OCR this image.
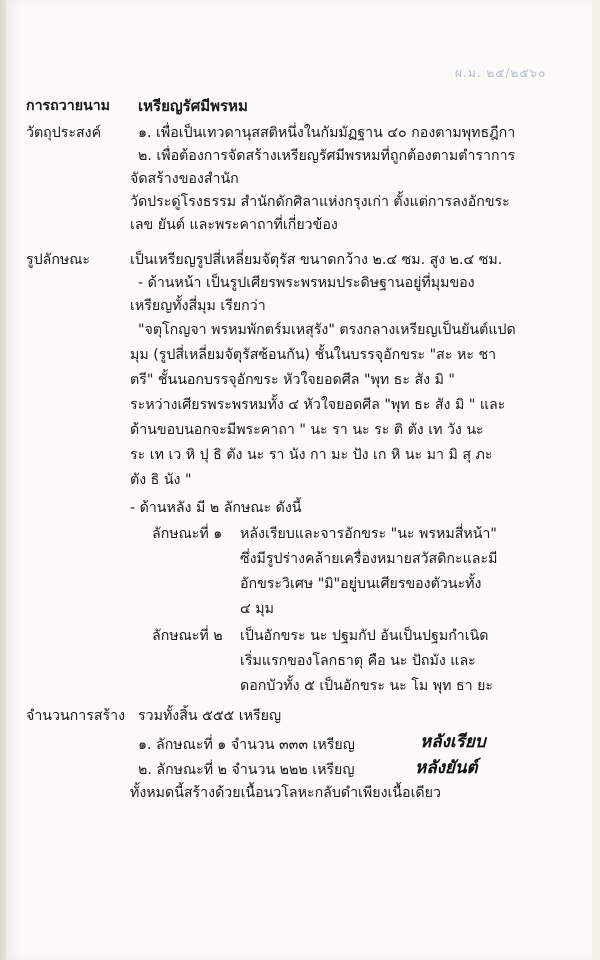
ผ.ม. ๒๕/๒๕๖๐
การถวายนาม
วัตถุประสงค์
รูปลักษณะ
จำนวนการสร้าง
เหรียญรัศมีพรหม
๑. เพื่อเป็นเทวดานุสสติหนึ่งในกัมมัฏฐาน ๔๐ กองตามพุทธฎีกา
๒. เพื่อต้องการจัดสร้างเหรียญรัศมีพรหมที่ถูกต้องตามตำราการ
จัดสร้างของสำนัก
วัดประดู่โรงธรรม สำนักดักศิลาแห่งกรุงเก่า ตั้งแต่การลงอักขระ
เลข ยันต์ และพระคาถาที่เกี่ยวข้อง
เป็นเหรียญรูปสี่เหลี่ยมจัตุรัส ขนาดกว้าง ๒.๔ ซม. สูง ๒.๔ ซม.
- ด้านหน้า เป็นรูปเศียรพระพรหมประดิษฐานอยู่ที่มุมของ
เหรียญทั้งสี่มุม เรียกว่า
"จตุโกญจา พรหมพักตร์มเหสุรัง" ตรงกลางเหรียญเป็นยันต์แปด
มุม (รูปสี่เหลี่ยมจัตุรัสซ้อนกัน) ชั้นในบรรจุอักขระ "สะ หะ ชา
ตรี" ชั้นนอกบรรจุอักขระ หัวใจยอดศีล "พุท ธะ สัง มิ "
ระหว่างเศียรพระพรหมทั้ง ๔ หัวใจยอดศีล "พุท ธะ สัง มิ " และ
ด้านขอบนอกจะมีพระคาถา " นะ รา นะ ระ ติ ตัง เท วัง นะ
ระ เท เว หิ ปุ ธิ ตัง นะ รา นัง กา มะ ปัง เก หิ นะ มา มิ สุ ภะ
ตัง ธิ นัง "
- ด้านหลัง มี ๒ ลักษณะ ดังนี้
ลักษณะที่ ๑ หลังเรียบและจารอักขระ "นะ พรหมสี่หน้า"
ซึ่งมีรูปร่างคล้ายเครื่องหมายสวัสดิกะและมี
อักขระวิเศษ "มิ"อยู่บนเศียรของตัวนะทั้ง
๔ มุม
ลักษณะที่ ๒ เป็นอักขระ นะ ปฐมกัป อันเป็นปฐมกำเนิด
เริ่มแรกของโลกธาตุ คือ นะ ปัถมัง และ
ดอกบัวทั้ง ๕ เป็นอักขระ นะ โม พุท ธา ยะ
รวมทั้งสิ้น ๕๕๕ เหรียญ
๑. ลักษณะที่ ๑ จำนวน ๓๓๓ เหรียญ	หลังเรียบ
๒. ลักษณะที่ ๒ จำนวน ๒๒๒ เหรียญ	หลังยันต์
ทั้งหมดนี้สร้างด้วยเนื้อนวโลหะกลับดำเพียงเนื้อเดียว
